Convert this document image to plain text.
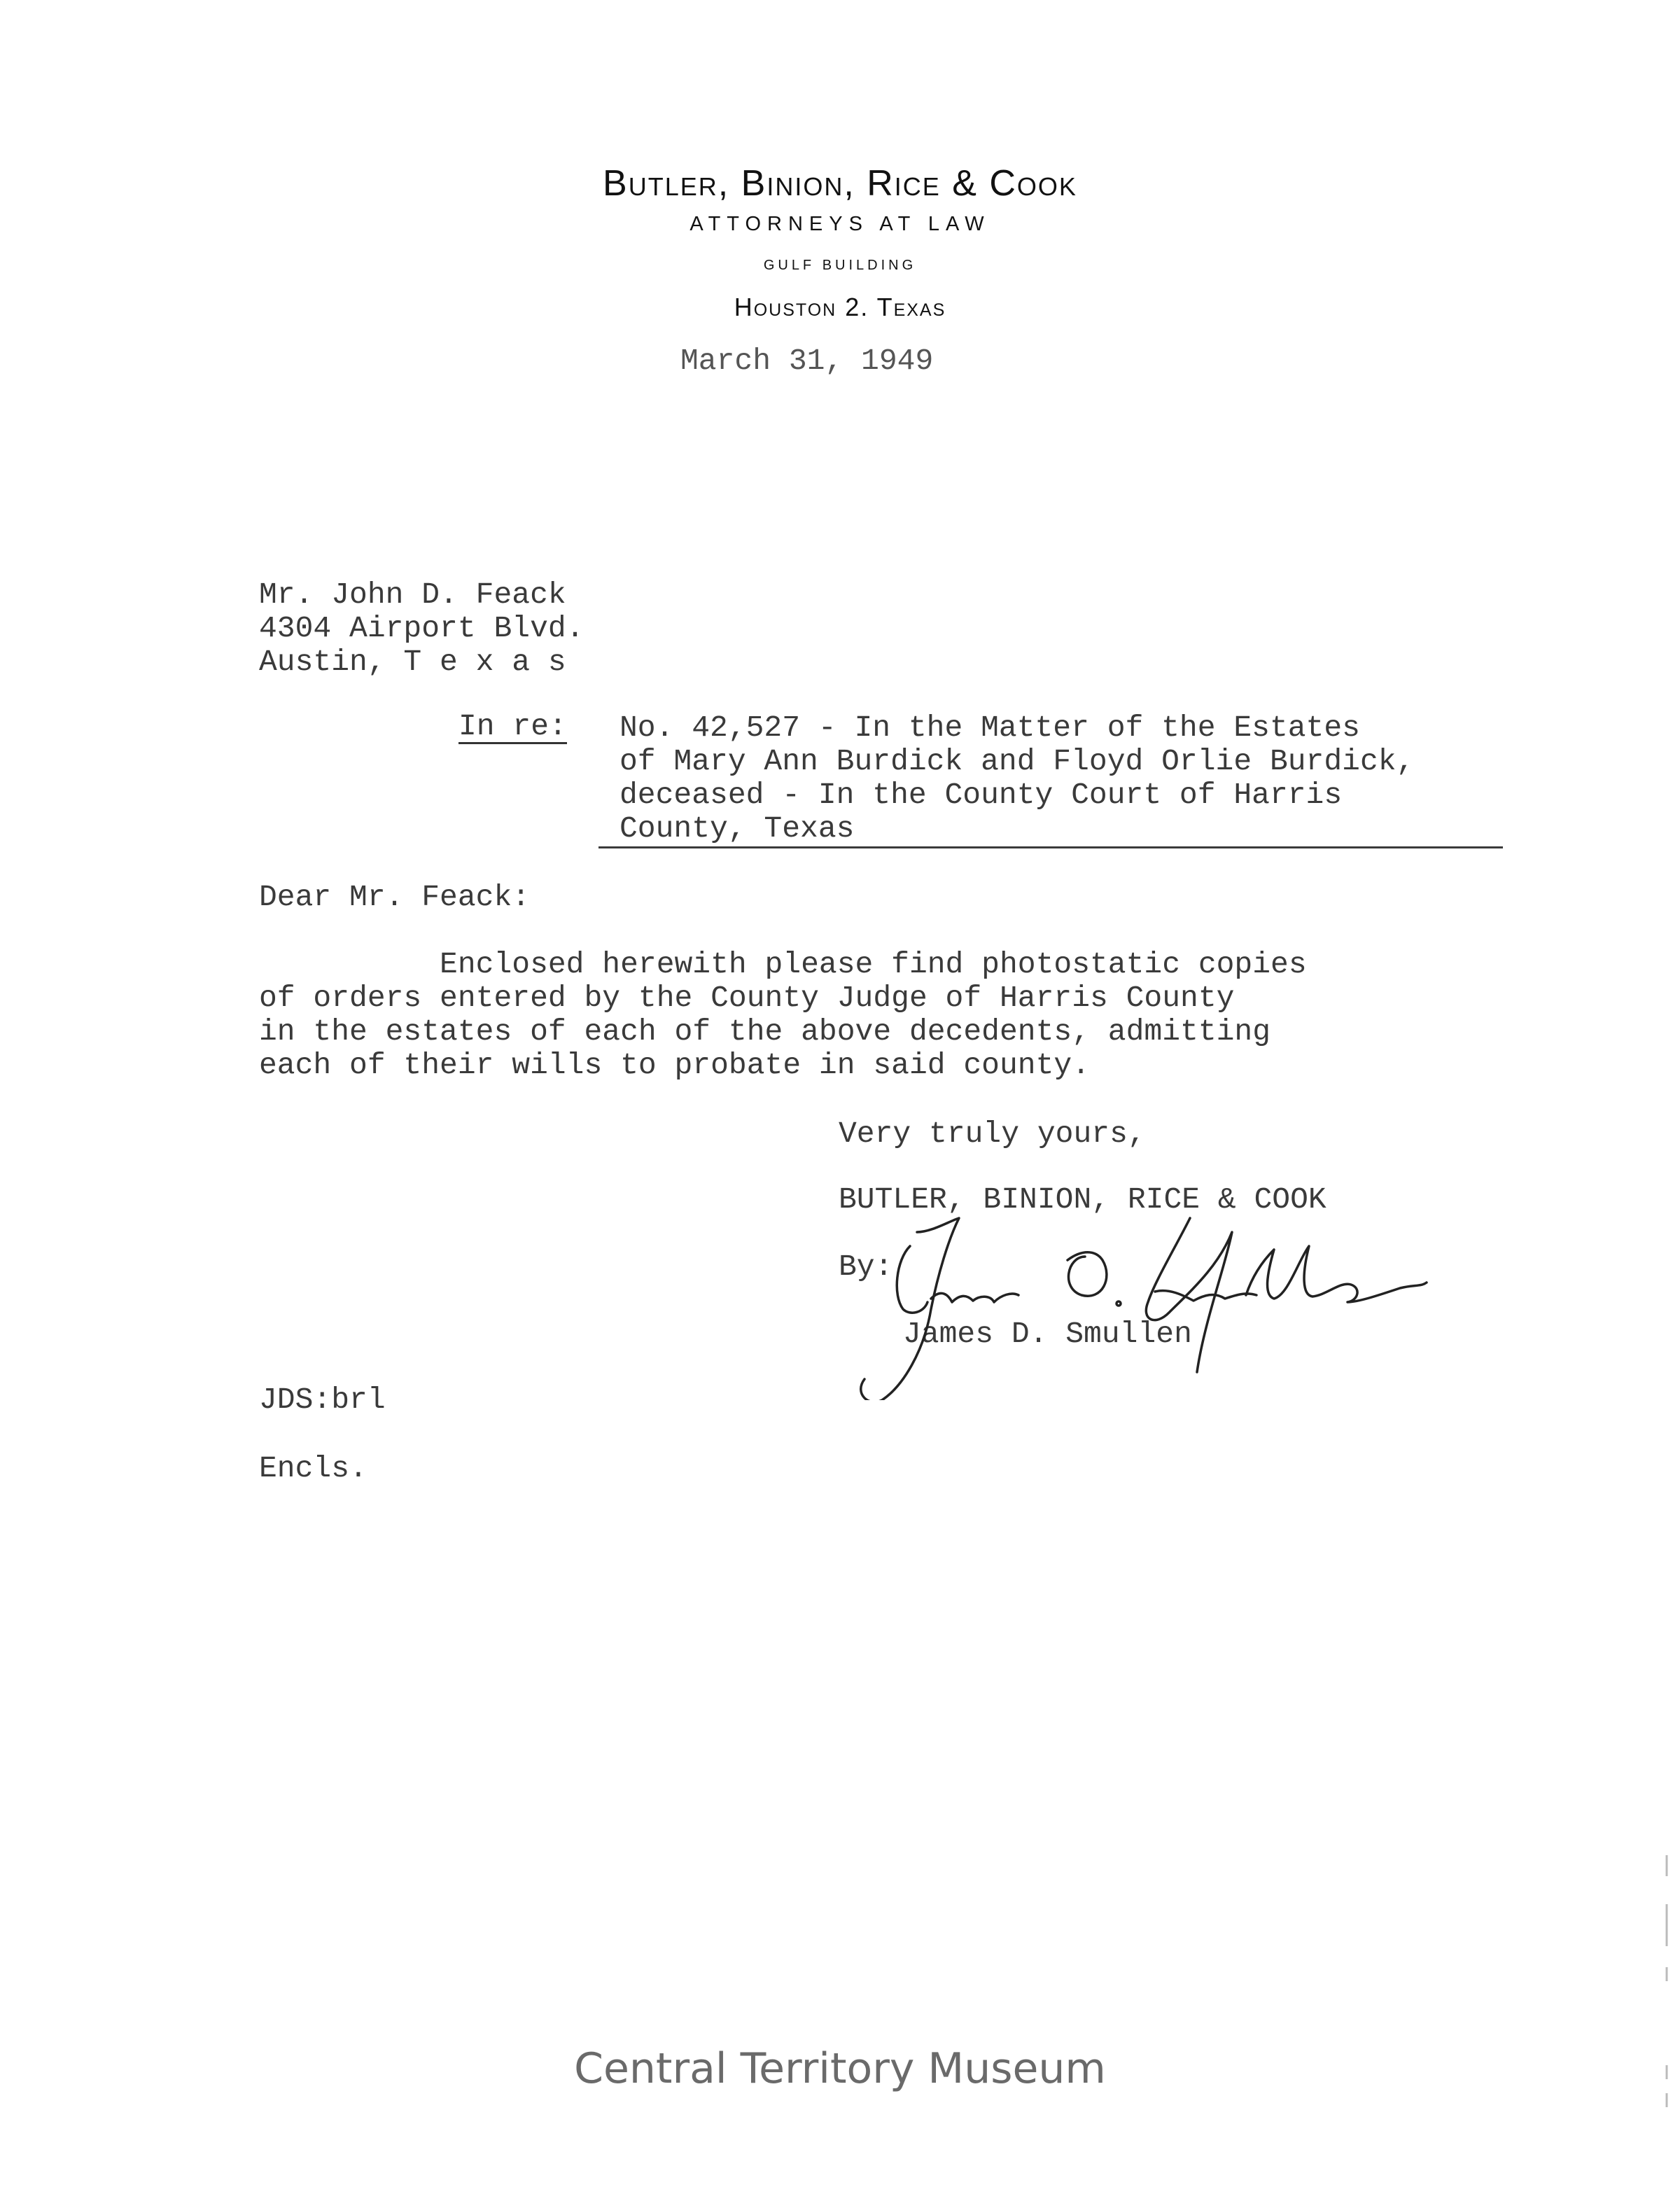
Butler, Binion, Rice & Cook
ATTORNEYS AT LAW
GULF BUILDING
Houston 2. Texas
March 31, 1949
Mr. John D. Feack
4304 Airport Blvd.
Austin, T e x a s
In re: No. 42,527 - In the Matter of the Estates
of Mary Ann Burdick and Floyd Orlie Burdick,
deceased - In the County Court of Harris
County, Texas
Dear Mr. Feack:
Enclosed herewith please find photostatic copies
of orders entered by the County Judge of Harris County
in the estates of each of the above decedents, admitting
each of their wills to probate in said county.
Very truly yours,
BUTLER, BINION, RICE & COOK
By:
James D. Smullen
JDS:brl
Encls.
Central Territory Museum
